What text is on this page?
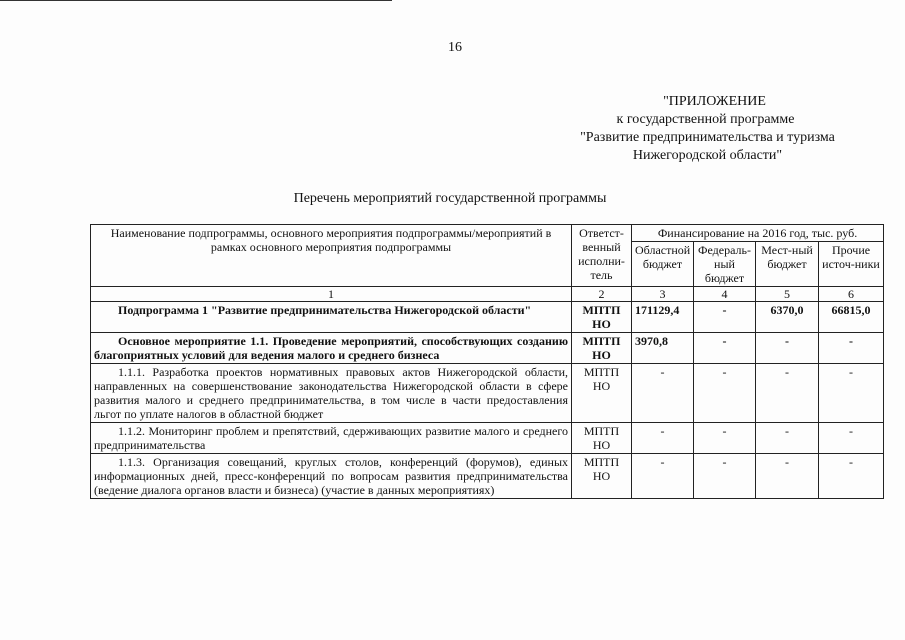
16
"ПРИЛОЖЕНИЕ
к государственной программе
"Развитие предпринимательства и туризма
Нижегородской области"
Перечень мероприятий государственной программы
Наименование подпрограммы, основного мероприятия подпрограммы/мероприятий в рамках основного мероприятия подпрограммы	Ответст-венный исполни-тель	Финансирование на 2016 год, тыс. руб.			
		Областной бюджет	Федераль-ный бюджет	Мест-ный бюджет	Прочие источ-ники
1	2	3	4	5	6
Подпрограмма 1 "Развитие предпринимательства Нижегородской области"	МПТП НО	171129,4	-	6370,0	66815,0
Основное мероприятие 1.1. Проведение мероприятий, способствующих созданию благоприятных условий для ведения малого и среднего бизнеса	МПТП НО	3970,8	-	-	-
1.1.1. Разработка проектов нормативных правовых актов Нижегородской области, направленных на совершенствование законодательства Нижегородской области в сфере развития малого и среднего предпринимательства, в том числе в части предоставления льгот по уплате налогов в областной бюджет	МПТП НО	-	-	-	-
1.1.2. Мониторинг проблем и препятствий, сдерживающих развитие малого и среднего предпринимательства	МПТП НО	-	-	-	-
1.1.3. Организация совещаний, круглых столов, конференций (форумов), единых информационных дней, пресс-конференций по вопросам развития предпринимательства (ведение диалога органов власти и бизнеса) (участие в данных мероприятиях)	МПТП НО	-	-	-	-
